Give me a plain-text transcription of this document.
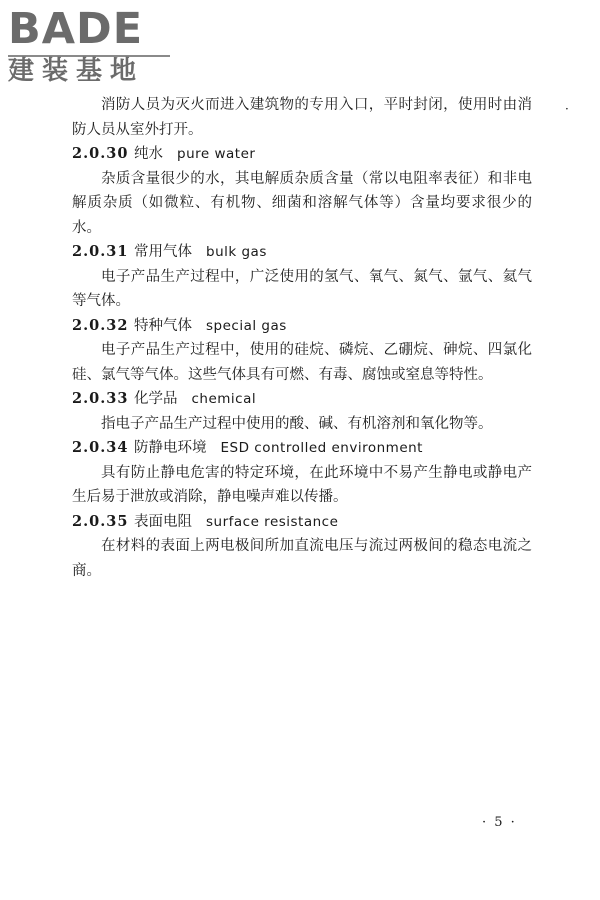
BADE
建装基地
·

消防人员为灭火而进入建筑物的专用入口，平时封闭，使用时由消防人员从室外打开。

2.0.30 纯水 pure water

杂质含量很少的水，其电解质杂质含量（常以电阻率表征）和非电解质杂质（如微粒、有机物、细菌和溶解气体等）含量均要求很少的水。

2.0.31 常用气体 bulk gas

电子产品生产过程中，广泛使用的氢气、氧气、氮气、氩气、氦气等气体。

2.0.32 特种气体 special gas

电子产品生产过程中，使用的硅烷、磷烷、乙硼烷、砷烷、四氯化硅、氯气等气体。这些气体具有可燃、有毒、腐蚀或窒息等特性。

2.0.33 化学品 chemical

指电子产品生产过程中使用的酸、碱、有机溶剂和氧化物等。

2.0.34 防静电环境 ESD controlled environment

具有防止静电危害的特定环境，在此环境中不易产生静电或静电产生后易于泄放或消除，静电噪声难以传播。

2.0.35 表面电阻 surface resistance

在材料的表面上两电极间所加直流电压与流过两极间的稳态电流之商。

· 5 ·
